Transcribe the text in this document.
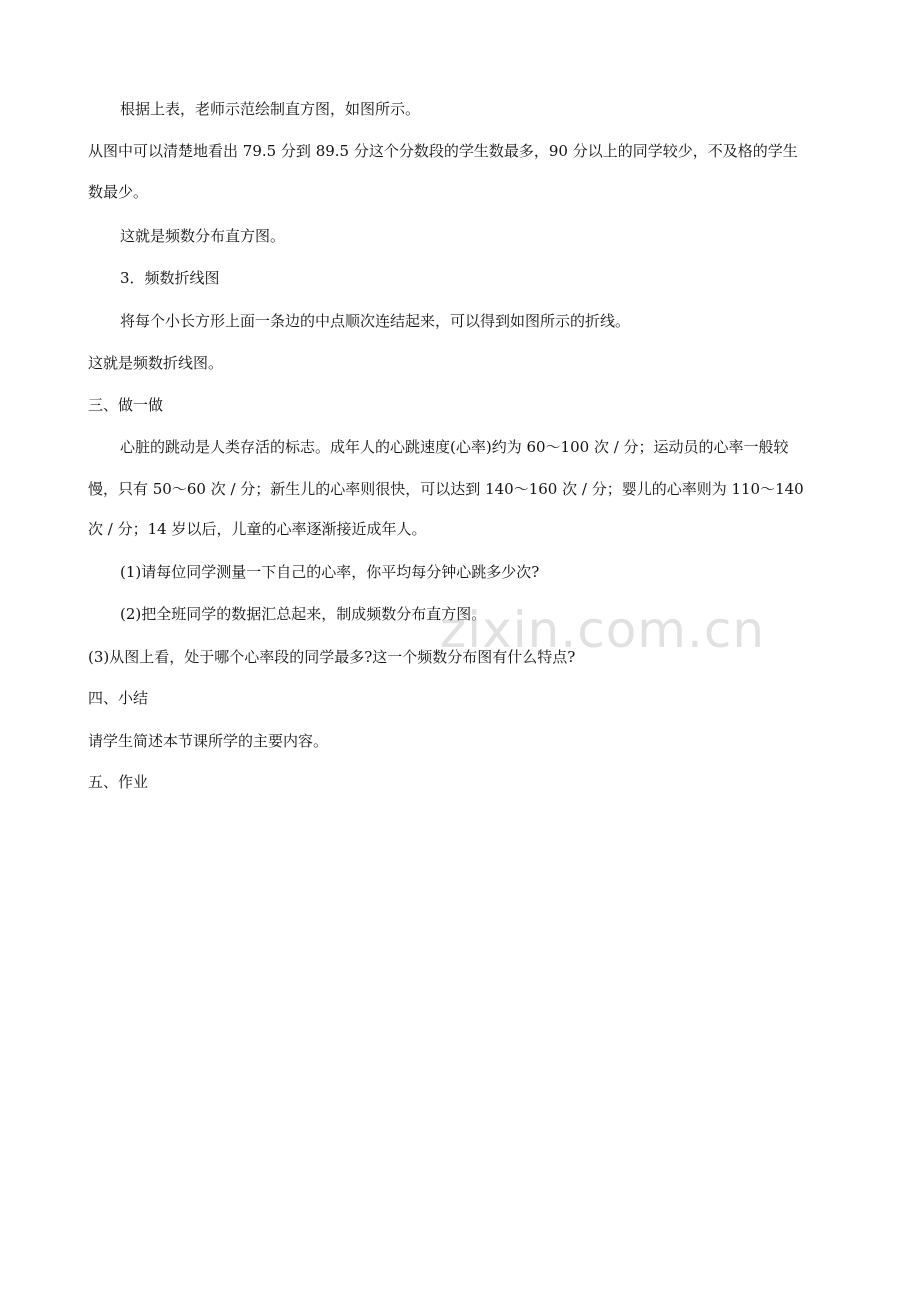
根据上表，老师示范绘制直方图，如图所示。
从图中可以清楚地看出 79.5 分到 89.5 分这个分数段的学生数最多，90 分以上的同学较少，不及格的学生
数最少。
这就是频数分布直方图。
3．频数折线图
将每个小长方形上面一条边的中点顺次连结起来，可以得到如图所示的折线。
这就是频数折线图。
三、做一做
心脏的跳动是人类存活的标志。成年人的心跳速度(心率)约为 60～100 次 / 分；运动员的心率一般较
慢，只有 50～60 次 / 分；新生儿的心率则很快，可以达到 140～160 次 / 分；婴儿的心率则为 110～140
次 / 分；14 岁以后，儿童的心率逐渐接近成年人。
(1)请每位同学测量一下自己的心率，你平均每分钟心跳多少次?
(2)把全班同学的数据汇总起来，制成频数分布直方图。
(3)从图上看，处于哪个心率段的同学最多?这一个频数分布图有什么特点?
四、小结
请学生简述本节课所学的主要内容。
五、作业
zixin.com.cn
